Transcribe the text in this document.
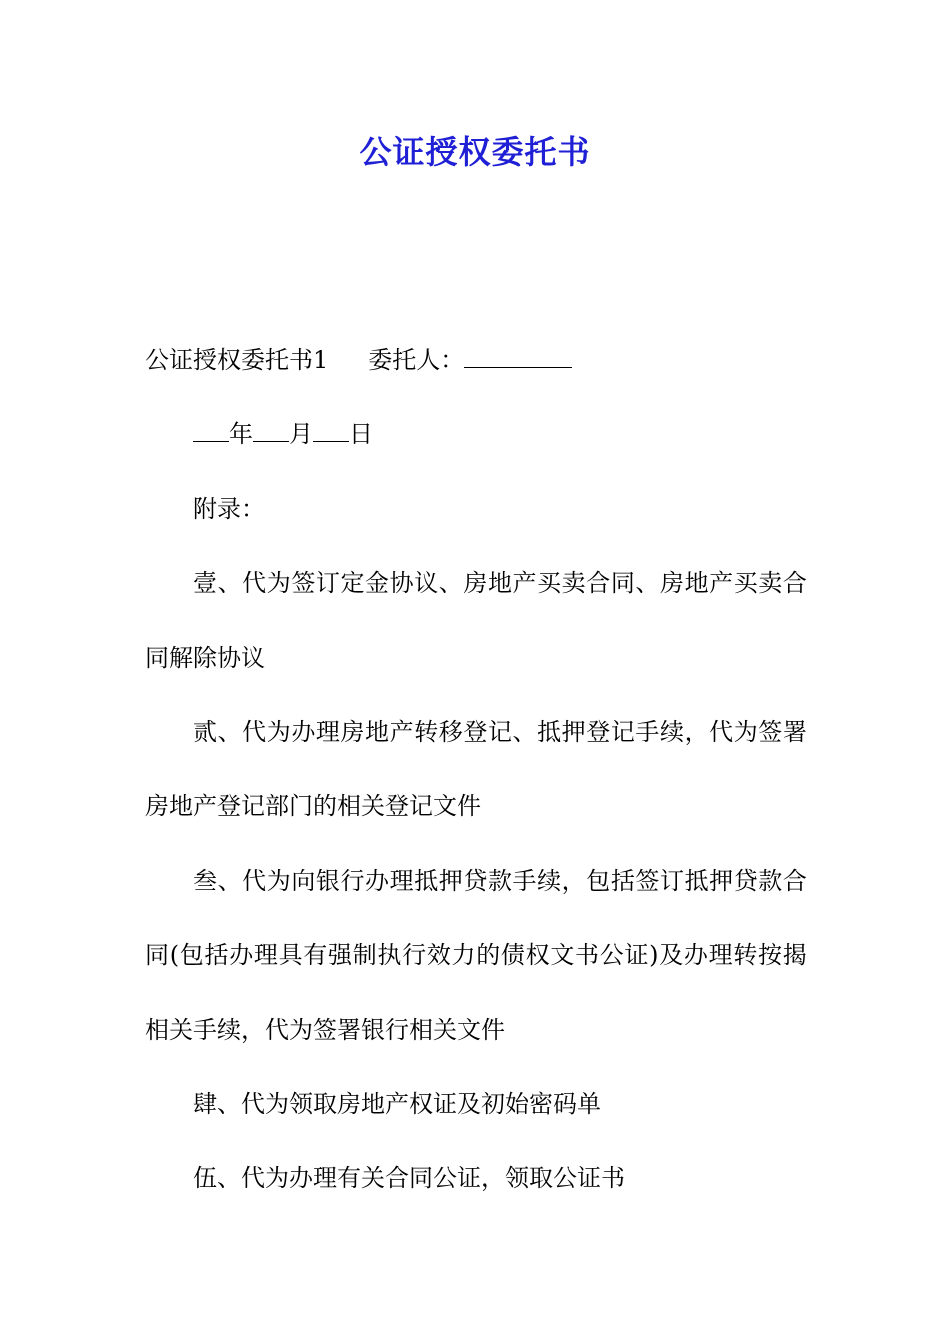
公证授权委托书
公证授权委托书1 委托人：
年 月 日
附录：
壹 、 代 为 签 订 定 金 协 议 、 房 地 产 买 卖 合 同 、 房 地 产 买 卖 合
同解除协议
贰 、 代 为 办 理 房 地 产 转 移 登 记 、 抵 押 登 记 手 续 ， 代 为 签 署
房地产登记部门的相关登记文件
叁 、 代 为 向 银 行 办 理 抵 押 贷 款 手 续 ， 包 括 签 订 抵 押 贷 款 合
同 ( 包 括 办 理 具 有 强 制 执 行 效 力 的 债 权 文 书 公 证 ) 及 办 理 转 按 揭
相关手续，代为签署银行相关文件
肆、代为领取房地产权证及初始密码单
伍、代为办理有关合同公证，领取公证书
